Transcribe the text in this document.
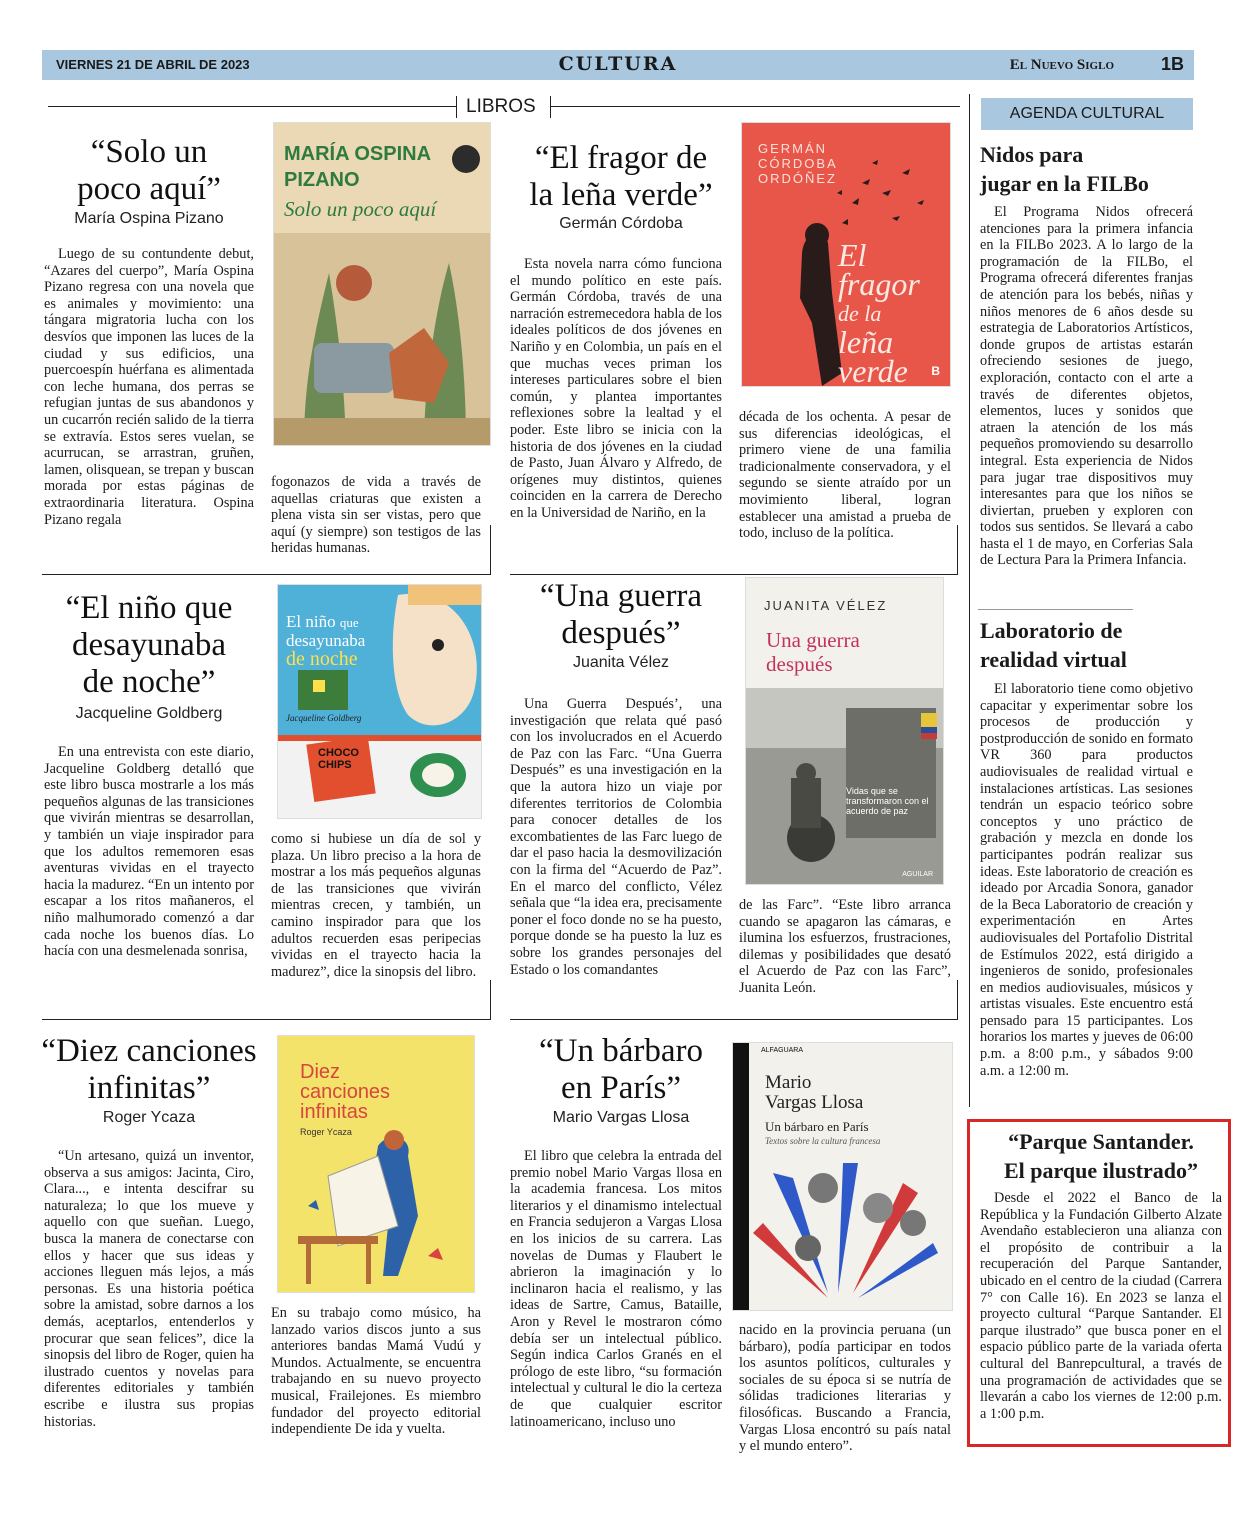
VIERNES 21 DE ABRIL DE 2023	CULTURA	El Nuevo Siglo	1B
LIBROS
“Solo un
poco aquí”
María Ospina Pizano
Luego de su contundente debut, “Azares del cuerpo”, María Ospina Pizano regresa con una novela que es animales y movimiento: una tángara migratoria lucha con los desvíos que imponen las luces de la ciudad y sus edificios, una puercoespín huérfana es alimentada con leche humana, dos perras se refugian juntas de sus abandonos y un cucarrón recién salido de la tierra se extravía. Estos seres vuelan, se acurrucan, se arrastran, gruñen, lamen, olisquean, se trepan y buscan morada por estas páginas de extraordinaria literatura. Ospina Pizano regala
fogonazos de vida a través de aquellas criaturas que existen a plena vista sin ser vistas, pero que aquí (y siempre) son testigos de las heridas humanas.
MARÍA OSPINA
PIZANO
Solo un poco aquí
“El fragor de
la leña verde”
Germán Córdoba
Esta novela narra cómo funciona el mundo político en este país. Germán Córdoba, través de una narración estremecedora habla de los ideales políticos de dos jóvenes en Nariño y en Colombia, un país en el que muchas veces priman los intereses particulares sobre el bien común, y plantea importantes reflexiones sobre la lealtad y el poder. Este libro se inicia con la historia de dos jóvenes en la ciudad de Pasto, Juan Álvaro y Alfredo, de orígenes muy distintos, quienes coinciden en la carrera de Derecho en la Universidad de Nariño, en la
década de los ochenta. A pesar de sus diferencias ideológicas, el primero viene de una familia tradicionalmente conservadora, y el segundo se siente atraído por un movimiento liberal, logran establecer una amistad a prueba de todo, incluso de la política.
GERMÁN
CÓRDOBA
ORDÓÑEZ
El
fragor
de la
leña
verde	B
“El niño que
desayunaba
de noche”
Jacqueline Goldberg
En una entrevista con este diario, Jacqueline Goldberg detalló que este libro busca mostrarle a los más pequeños algunas de las transiciones que vivirán mientras se desarrollan, y también un viaje inspirador para que los adultos rememoren esas aventuras vividas en el trayecto hacia la madurez. “En un intento por escapar a los ritos mañaneros, el niño malhumorado comenzó a dar cada noche los buenos días. Lo hacía con una desmelenada sonrisa,
como si hubiese un día de sol y plaza. Un libro preciso a la hora de mostrar a los más pequeños algunas de las transiciones que vivirán mientras crecen, y también, un camino inspirador para que los adultos recuerden esas peripecias vividas en el trayecto hacia la madurez”, dice la sinopsis del libro.
El niño que
desayunaba
de noche
CHOCO CHIPS
Jacqueline Goldberg
“Una guerra
después”
Juanita Vélez
Una Guerra Después’, una investigación que relata qué pasó con los involucrados en el Acuerdo de Paz con las Farc. “Una Guerra Después” es una investigación en la que la autora hizo un viaje por diferentes territorios de Colombia para conocer detalles de los excombatientes de las Farc luego de dar el paso hacia la desmovilización con la firma del “Acuerdo de Paz”. En el marco del conflicto, Vélez señala que “la idea era, precisamente poner el foco donde no se ha puesto, porque donde se ha puesto la luz es sobre los grandes personajes del Estado o los comandantes
de las Farc”. “Este libro arranca cuando se apagaron las cámaras, e ilumina los esfuerzos, frustraciones, dilemas y posibilidades que desató el Acuerdo de Paz con las Farc”, Juanita León.
JUANITA VÉLEZ
Una guerra
después
Vidas que se transformaron con el acuerdo de paz
AGUILAR
“Diez canciones
infinitas”
Roger Ycaza
“Un artesano, quizá un inventor, observa a sus amigos: Jacinta, Ciro, Clara..., e intenta descifrar su naturaleza; lo que los mueve y aquello con que sueñan. Luego, busca la manera de conectarse con ellos y hacer que sus ideas y acciones lleguen más lejos, a más personas. Es una historia poética sobre la amistad, sobre darnos a los demás, aceptarlos, entenderlos y procurar que sean felices”, dice la sinopsis del libro de Roger, quien ha ilustrado cuentos y novelas para diferentes editoriales y también escribe e ilustra sus propias historias.
En su trabajo como músico, ha lanzado varios discos junto a sus anteriores bandas Mamá Vudú y Mundos. Actualmente, se encuentra trabajando en su nuevo proyecto musical, Frailejones. Es miembro fundador del proyecto editorial independiente De ida y vuelta.
Diez
canciones
infinitas
Roger Ycaza
“Un bárbaro
en París”
Mario Vargas Llosa
El libro que celebra la entrada del premio nobel Mario Vargas llosa en la academia francesa. Los mitos literarios y el dinamismo intelectual en Francia sedujeron a Vargas Llosa en los inicios de su carrera. Las novelas de Dumas y Flaubert le abrieron la imaginación y lo inclinaron hacia el realismo, y las ideas de Sartre, Camus, Bataille, Aron y Revel le mostraron cómo debía ser un intelectual público. Según indica Carlos Granés en el prólogo de este libro, “su formación intelectual y cultural le dio la certeza de que cualquier escritor latinoamericano, incluso uno
nacido en la provincia peruana (un bárbaro), podía participar en todos los asuntos políticos, culturales y sociales de su época si se nutría de sólidas tradiciones literarias y filosóficas. Buscando a Francia, Vargas Llosa encontró su país natal y el mundo entero”.
ALFAGUARA
Mario
Vargas Llosa
Un bárbaro en París
Textos sobre la cultura francesa
AGENDA CULTURAL
Nidos para
jugar en la FILBo
El Programa Nidos ofrecerá atenciones para la primera infancia en la FILBo 2023. A lo largo de la programación de la FILBo, el Programa ofrecerá diferentes franjas de atención para los bebés, niñas y niños menores de 6 años desde su estrategia de Laboratorios Artísticos, donde grupos de artistas estarán ofreciendo sesiones de juego, exploración, contacto con el arte a través de diferentes objetos, elementos, luces y sonidos que atraen la atención de los más pequeños promoviendo su desarrollo integral. Esta experiencia de Nidos para jugar trae dispositivos muy interesantes para que los niños se diviertan, prueben y exploren con todos sus sentidos. Se llevará a cabo hasta el 1 de mayo, en Corferias Sala de Lectura Para la Primera Infancia.
Laboratorio de
realidad virtual
El laboratorio tiene como objetivo capacitar y experimentar sobre los procesos de producción y postproducción de sonido en formato VR 360 para productos audiovisuales de realidad virtual e instalaciones artísticas. Las sesiones tendrán un espacio teórico sobre conceptos y uno práctico de grabación y mezcla en donde los participantes podrán realizar sus ideas. Este laboratorio de creación es ideado por Arcadia Sonora, ganador de la Beca Laboratorio de creación y experimentación en Artes audiovisuales del Portafolio Distrital de Estímulos 2022, está dirigido a ingenieros de sonido, profesionales en medios audiovisuales, músicos y artistas visuales. Este encuentro está pensado para 15 participantes. Los horarios los martes y jueves de 06:00 p.m. a 8:00 p.m., y sábados 9:00 a.m. a 12:00 m.
“Parque Santander.
El parque ilustrado”
Desde el 2022 el Banco de la República y la Fundación Gilberto Alzate Avendaño establecieron una alianza con el propósito de contribuir a la recuperación del Parque Santander, ubicado en el centro de la ciudad (Carrera 7° con Calle 16). En 2023 se lanza el proyecto cultural “Parque Santander. El parque ilustrado” que busca poner en el espacio público parte de la variada oferta cultural del Banrepcultural, a través de una programación de actividades que se llevarán a cabo los viernes de 12:00 p.m. a 1:00 p.m.
